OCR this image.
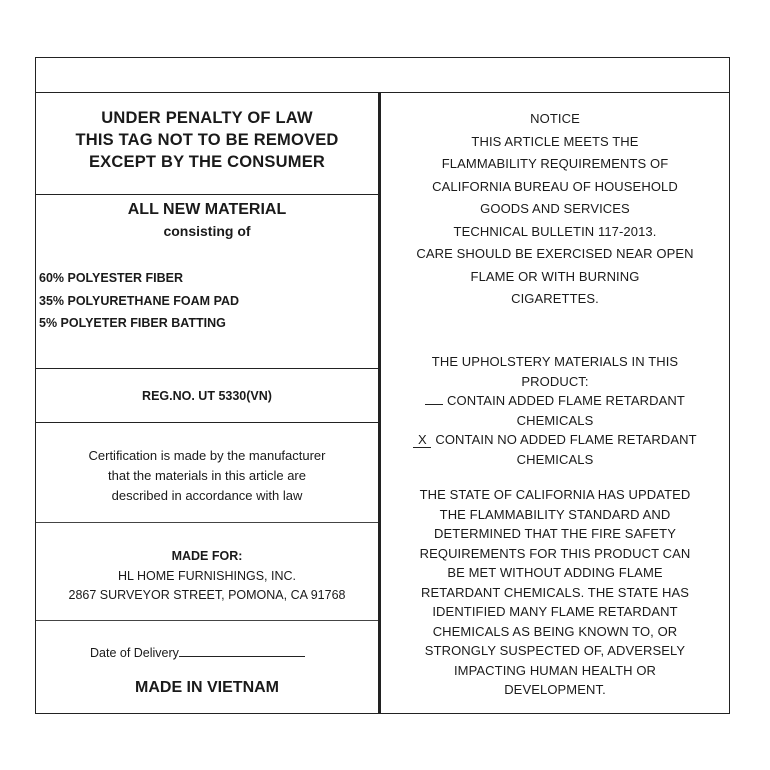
UNDER PENALTY OF LAW
THIS TAG NOT TO BE REMOVED
EXCEPT BY THE CONSUMER
ALL NEW MATERIAL
consisting of
60% POLYESTER FIBER
35% POLYURETHANE FOAM PAD
5% POLYETER FIBER BATTING
REG.NO. UT 5330(VN)
Certification is made by the manufacturer
that the materials in this article are
described in accordance with law
MADE FOR:
HL HOME FURNISHINGS, INC.
2867 SURVEYOR STREET, POMONA, CA 91768
Date of Delivery
MADE IN VIETNAM
NOTICE
THIS ARTICLE MEETS THE
FLAMMABILITY REQUIREMENTS OF
CALIFORNIA BUREAU OF HOUSEHOLD
GOODS AND SERVICES
TECHNICAL BULLETIN 117-2013.
CARE SHOULD BE EXERCISED NEAR OPEN
FLAME OR WITH BURNING
CIGARETTES.
THE UPHOLSTERY MATERIALS IN THIS
PRODUCT:
CONTAIN ADDED FLAME RETARDANT
CHEMICALS
X CONTAIN NO ADDED FLAME RETARDANT
CHEMICALS
THE STATE OF CALIFORNIA HAS UPDATED
THE FLAMMABILITY STANDARD AND
DETERMINED THAT THE FIRE SAFETY
REQUIREMENTS FOR THIS PRODUCT CAN
BE MET WITHOUT ADDING FLAME
RETARDANT CHEMICALS. THE STATE HAS
IDENTIFIED MANY FLAME RETARDANT
CHEMICALS AS BEING KNOWN TO, OR
STRONGLY SUSPECTED OF, ADVERSELY
IMPACTING HUMAN HEALTH OR
DEVELOPMENT.
